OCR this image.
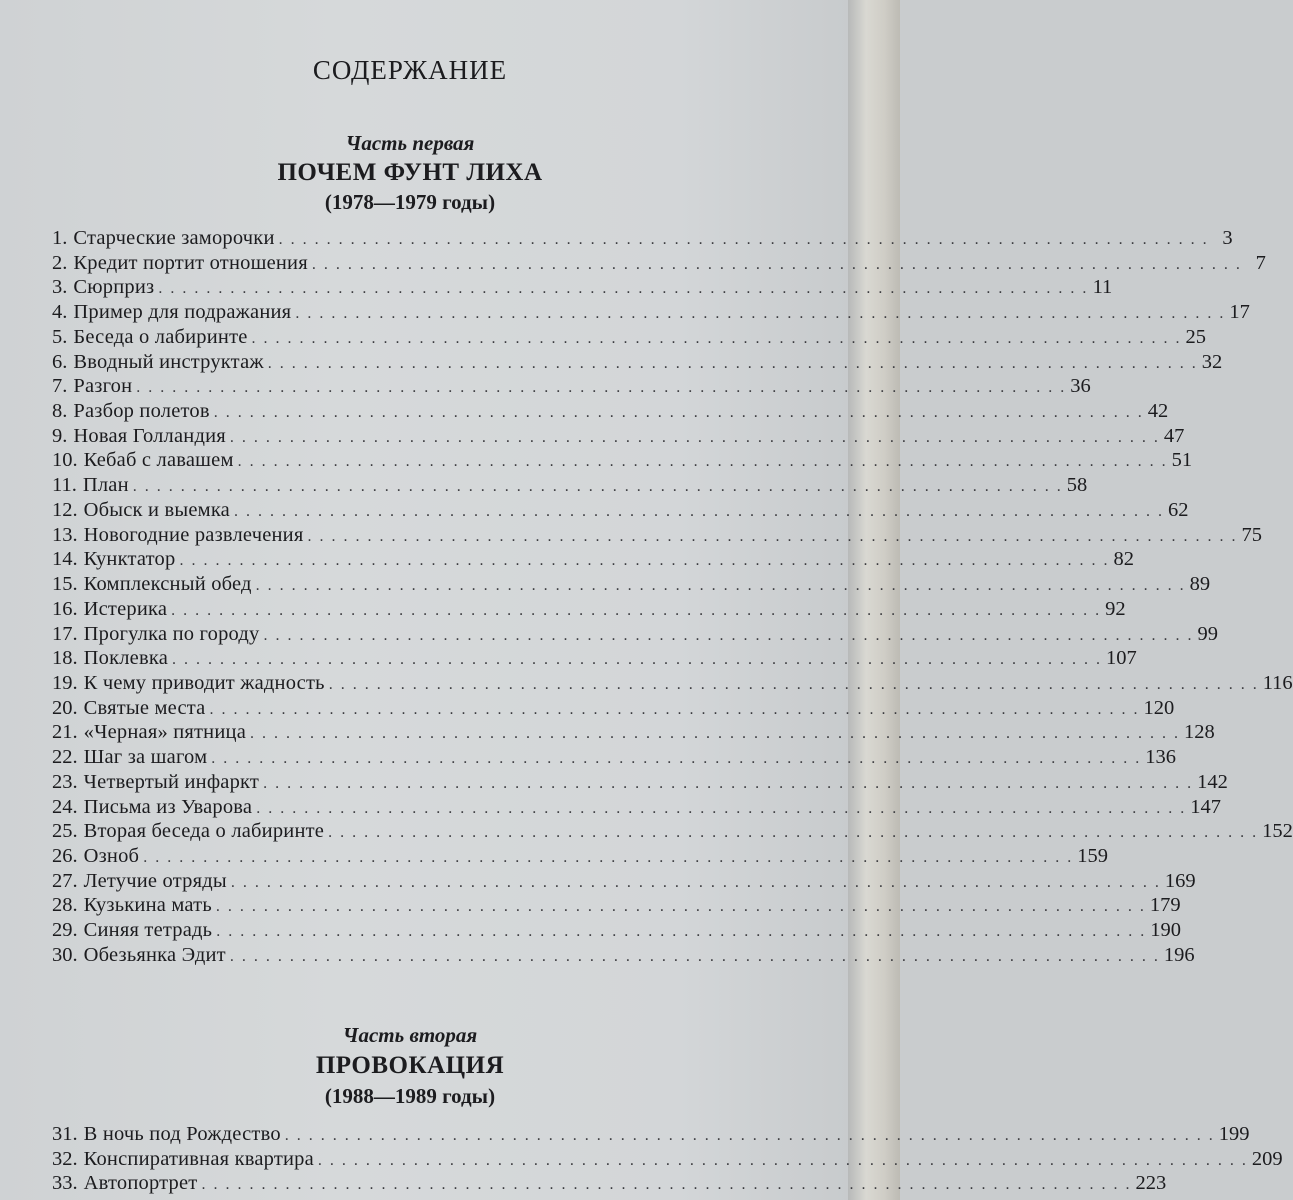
СОДЕРЖАНИЕ
Часть первая
ПОЧЕМ ФУНТ ЛИХА
(1978—1979 годы)
1. Старческие заморочки . . . . . . . . . . . . . . . . . . . . . . . . . . . . . . . . . . . . . . . . . . . . . . . . . . . . . . . . . . . . . . . . . . . . . . . . . . . . . . 3
2. Кредит портит отношения . . . . . . . . . . . . . . . . . . . . . . . . . . . . . . . . . . . . . . . . . . . . . . . . . . . . . . . . . . . . . . . . . . . . . . . . . . . . . . 7
3. Сюрприз . . . . . . . . . . . . . . . . . . . . . . . . . . . . . . . . . . . . . . . . . . . . . . . . . . . . . . . . . . . . . . . . . . . . . . . . . . . . . . 11
4. Пример для подражания . . . . . . . . . . . . . . . . . . . . . . . . . . . . . . . . . . . . . . . . . . . . . . . . . . . . . . . . . . . . . . . . . . . . . . . . . . . . . . 17
5. Беседа о лабиринте . . . . . . . . . . . . . . . . . . . . . . . . . . . . . . . . . . . . . . . . . . . . . . . . . . . . . . . . . . . . . . . . . . . . . . . . . . . . . . 25
6. Вводный инструктаж . . . . . . . . . . . . . . . . . . . . . . . . . . . . . . . . . . . . . . . . . . . . . . . . . . . . . . . . . . . . . . . . . . . . . . . . . . . . . . 32
7. Разгон . . . . . . . . . . . . . . . . . . . . . . . . . . . . . . . . . . . . . . . . . . . . . . . . . . . . . . . . . . . . . . . . . . . . . . . . . . . . . . 36
8. Разбор полетов . . . . . . . . . . . . . . . . . . . . . . . . . . . . . . . . . . . . . . . . . . . . . . . . . . . . . . . . . . . . . . . . . . . . . . . . . . . . . . 42
9. Новая Голландия . . . . . . . . . . . . . . . . . . . . . . . . . . . . . . . . . . . . . . . . . . . . . . . . . . . . . . . . . . . . . . . . . . . . . . . . . . . . . . 47
10. Кебаб с лавашем . . . . . . . . . . . . . . . . . . . . . . . . . . . . . . . . . . . . . . . . . . . . . . . . . . . . . . . . . . . . . . . . . . . . . . . . . . . . . . 51
11. План . . . . . . . . . . . . . . . . . . . . . . . . . . . . . . . . . . . . . . . . . . . . . . . . . . . . . . . . . . . . . . . . . . . . . . . . . . . . . . 58
12. Обыск и выемка . . . . . . . . . . . . . . . . . . . . . . . . . . . . . . . . . . . . . . . . . . . . . . . . . . . . . . . . . . . . . . . . . . . . . . . . . . . . . . 62
13. Новогодние развлечения . . . . . . . . . . . . . . . . . . . . . . . . . . . . . . . . . . . . . . . . . . . . . . . . . . . . . . . . . . . . . . . . . . . . . . . . . . . . . . 75
14. Кунктатор . . . . . . . . . . . . . . . . . . . . . . . . . . . . . . . . . . . . . . . . . . . . . . . . . . . . . . . . . . . . . . . . . . . . . . . . . . . . . . 82
15. Комплексный обед . . . . . . . . . . . . . . . . . . . . . . . . . . . . . . . . . . . . . . . . . . . . . . . . . . . . . . . . . . . . . . . . . . . . . . . . . . . . . . 89
16. Истерика . . . . . . . . . . . . . . . . . . . . . . . . . . . . . . . . . . . . . . . . . . . . . . . . . . . . . . . . . . . . . . . . . . . . . . . . . . . . . . 92
17. Прогулка по городу . . . . . . . . . . . . . . . . . . . . . . . . . . . . . . . . . . . . . . . . . . . . . . . . . . . . . . . . . . . . . . . . . . . . . . . . . . . . . . 99
18. Поклевка . . . . . . . . . . . . . . . . . . . . . . . . . . . . . . . . . . . . . . . . . . . . . . . . . . . . . . . . . . . . . . . . . . . . . . . . . . . . . . 107
19. К чему приводит жадность . . . . . . . . . . . . . . . . . . . . . . . . . . . . . . . . . . . . . . . . . . . . . . . . . . . . . . . . . . . . . . . . . . . . . . . . . . . . . . 116
20. Святые места . . . . . . . . . . . . . . . . . . . . . . . . . . . . . . . . . . . . . . . . . . . . . . . . . . . . . . . . . . . . . . . . . . . . . . . . . . . . . . 120
21. «Черная» пятница . . . . . . . . . . . . . . . . . . . . . . . . . . . . . . . . . . . . . . . . . . . . . . . . . . . . . . . . . . . . . . . . . . . . . . . . . . . . . . 128
22. Шаг за шагом . . . . . . . . . . . . . . . . . . . . . . . . . . . . . . . . . . . . . . . . . . . . . . . . . . . . . . . . . . . . . . . . . . . . . . . . . . . . . . 136
23. Четвертый инфаркт . . . . . . . . . . . . . . . . . . . . . . . . . . . . . . . . . . . . . . . . . . . . . . . . . . . . . . . . . . . . . . . . . . . . . . . . . . . . . . 142
24. Письма из Уварова . . . . . . . . . . . . . . . . . . . . . . . . . . . . . . . . . . . . . . . . . . . . . . . . . . . . . . . . . . . . . . . . . . . . . . . . . . . . . . 147
25. Вторая беседа о лабиринте . . . . . . . . . . . . . . . . . . . . . . . . . . . . . . . . . . . . . . . . . . . . . . . . . . . . . . . . . . . . . . . . . . . . . . . . . . . . . . 152
26. Озноб . . . . . . . . . . . . . . . . . . . . . . . . . . . . . . . . . . . . . . . . . . . . . . . . . . . . . . . . . . . . . . . . . . . . . . . . . . . . . . 159
27. Летучие отряды . . . . . . . . . . . . . . . . . . . . . . . . . . . . . . . . . . . . . . . . . . . . . . . . . . . . . . . . . . . . . . . . . . . . . . . . . . . . . . 169
28. Кузькина мать . . . . . . . . . . . . . . . . . . . . . . . . . . . . . . . . . . . . . . . . . . . . . . . . . . . . . . . . . . . . . . . . . . . . . . . . . . . . . . 179
29. Синяя тетрадь . . . . . . . . . . . . . . . . . . . . . . . . . . . . . . . . . . . . . . . . . . . . . . . . . . . . . . . . . . . . . . . . . . . . . . . . . . . . . . 190
30. Обезьянка Эдит . . . . . . . . . . . . . . . . . . . . . . . . . . . . . . . . . . . . . . . . . . . . . . . . . . . . . . . . . . . . . . . . . . . . . . . . . . . . . . 196
Часть вторая
ПРОВОКАЦИЯ
(1988—1989 годы)
31. В ночь под Рождество . . . . . . . . . . . . . . . . . . . . . . . . . . . . . . . . . . . . . . . . . . . . . . . . . . . . . . . . . . . . . . . . . . . . . . . . . . . . . . 199
32. Конспиративная квартира . . . . . . . . . . . . . . . . . . . . . . . . . . . . . . . . . . . . . . . . . . . . . . . . . . . . . . . . . . . . . . . . . . . . . . . . . . . . . . 209
33. Автопортрет . . . . . . . . . . . . . . . . . . . . . . . . . . . . . . . . . . . . . . . . . . . . . . . . . . . . . . . . . . . . . . . . . . . . . . . . . . . . . . 223
